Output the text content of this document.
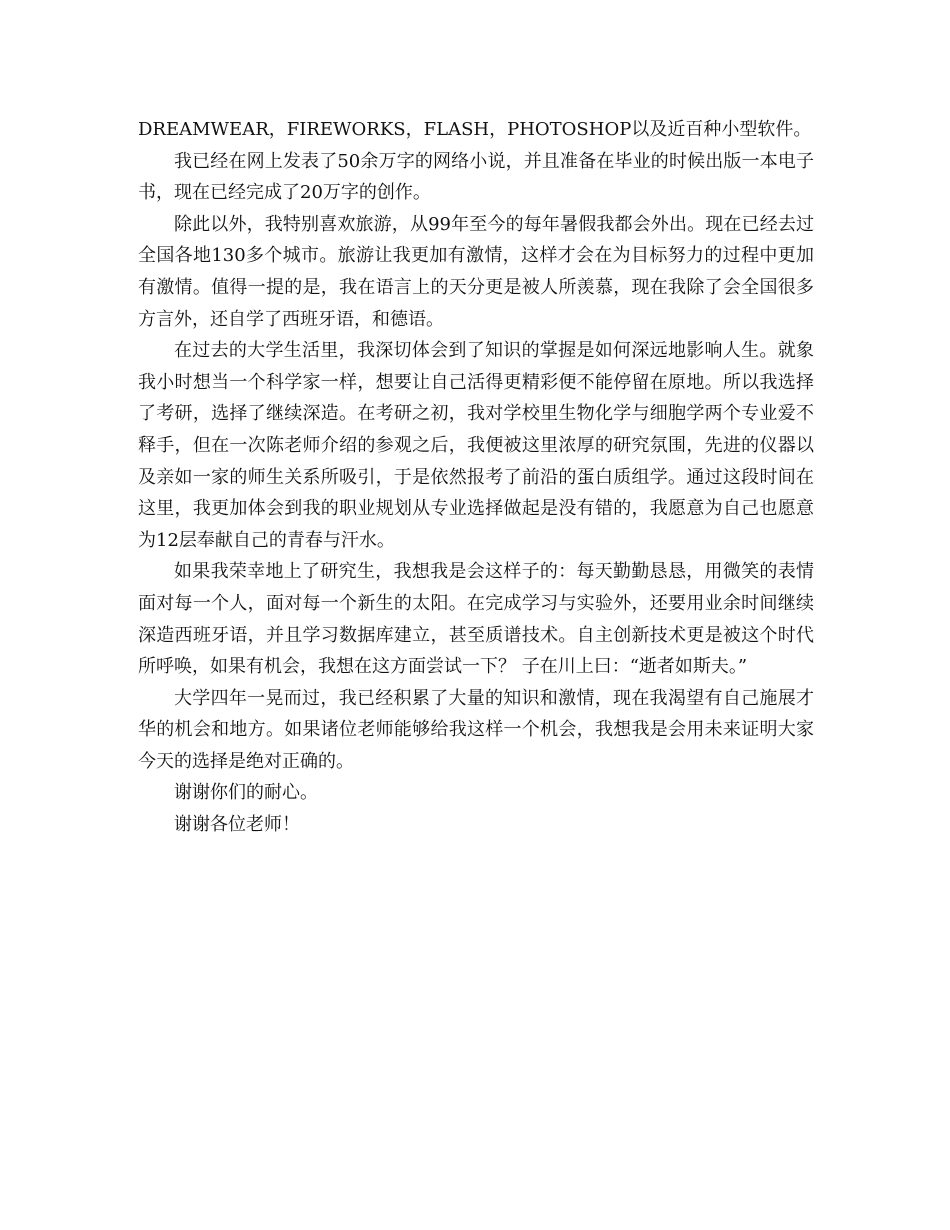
DREAMWEAR，FIREWORKS，FLASH，PHOTOSHOP以及近百种小型软件。

我已经在网上发表了50余万字的网络小说，并且准备在毕业的时候出版一本电子书，现在已经完成了20万字的创作。

除此以外，我特别喜欢旅游，从99年至今的每年暑假我都会外出。现在已经去过全国各地130多个城市。旅游让我更加有激情，这样才会在为目标努力的过程中更加有激情。值得一提的是，我在语言上的天分更是被人所羡慕，现在我除了会全国很多方言外，还自学了西班牙语，和德语。

在过去的大学生活里，我深切体会到了知识的掌握是如何深远地影响人生。就象我小时想当一个科学家一样，想要让自己活得更精彩便不能停留在原地。所以我选择了考研，选择了继续深造。在考研之初，我对学校里生物化学与细胞学两个专业爱不释手，但在一次陈老师介绍的参观之后，我便被这里浓厚的研究氛围，先进的仪器以及亲如一家的师生关系所吸引，于是依然报考了前沿的蛋白质组学。通过这段时间在这里，我更加体会到我的职业规划从专业选择做起是没有错的，我愿意为自己也愿意为12层奉献自己的青春与汗水。

如果我荣幸地上了研究生，我想我是会这样子的：每天勤勤恳恳，用微笑的表情面对每一个人，面对每一个新生的太阳。在完成学习与实验外，还要用业余时间继续深造西班牙语，并且学习数据库建立，甚至质谱技术。自主创新技术更是被这个时代所呼唤，如果有机会，我想在这方面尝试一下？ 子在川上曰：“逝者如斯夫。”

大学四年一晃而过，我已经积累了大量的知识和激情，现在我渴望有自己施展才华的机会和地方。如果诸位老师能够给我这样一个机会，我想我是会用未来证明大家今天的选择是绝对正确的。

谢谢你们的耐心。

谢谢各位老师！
